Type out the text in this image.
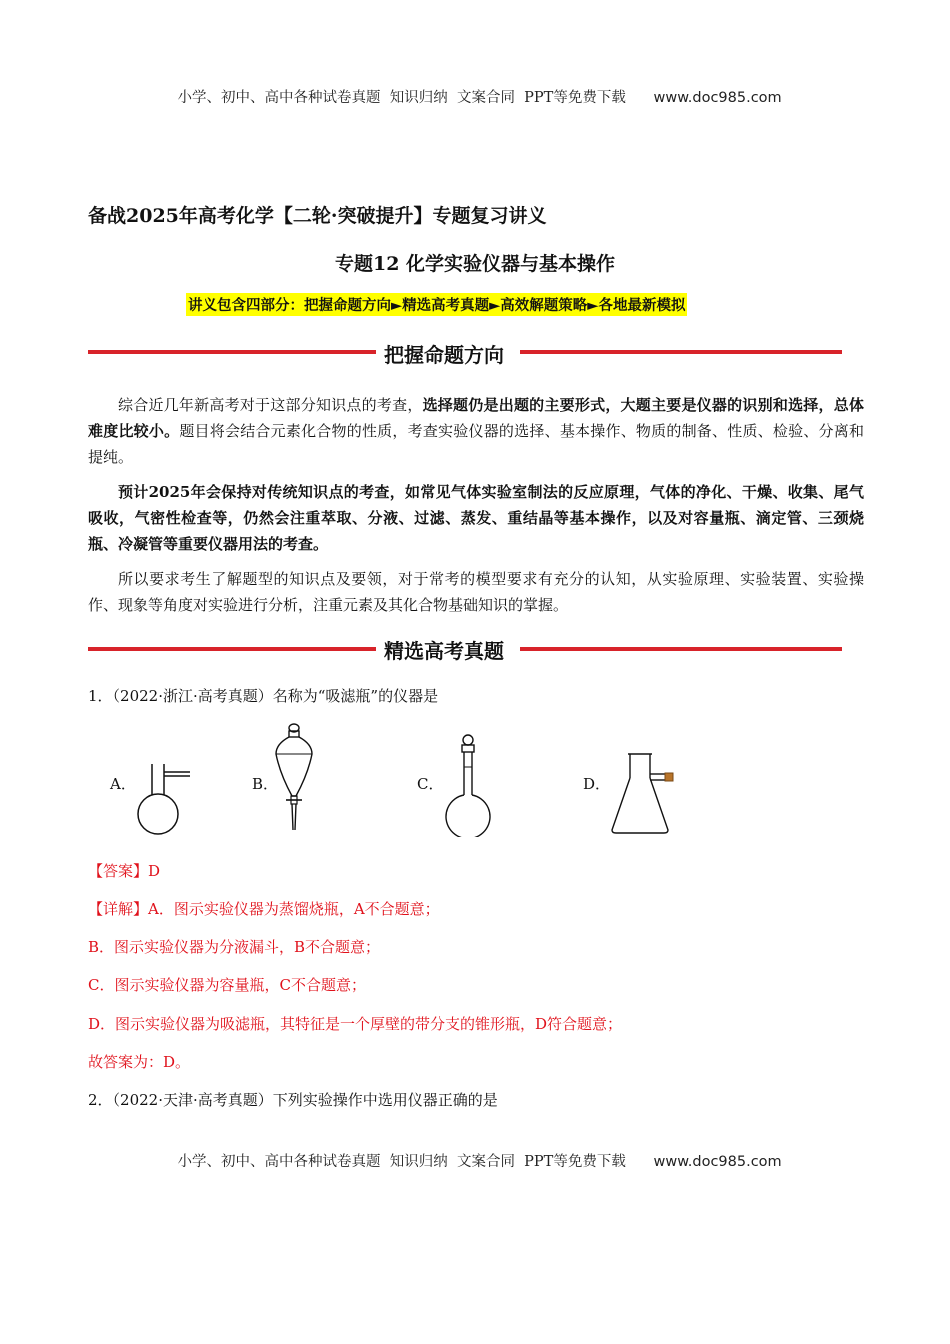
小学、初中、高中各种试卷真题  知识归纳  文案合同  PPT等免费下载 www.doc985.com

备战2025年高考化学【二轮·突破提升】专题复习讲义
专题12 化学实验仪器与基本操作
讲义包含四部分：把握命题方向►精选高考真题►高效解题策略►各地最新模拟
把握命题方向

综合近几年新高考对于这部分知识点的考查，选择题仍是出题的主要形式，大题主要是仪器的识别和选择，总体难度比较小。题目将会结合元素化合物的性质，考查实验仪器的选择、基本操作、物质的制备、性质、检验、分离和提纯。

预计2025年会保持对传统知识点的考查，如常见气体实验室制法的反应原理，气体的净化、干燥、收集、尾气吸收，气密性检查等，仍然会注重萃取、分液、过滤、蒸发、重结晶等基本操作，以及对容量瓶、滴定管、三颈烧瓶、冷凝管等重要仪器用法的考查。

所以要求考生了解题型的知识点及要领，对于常考的模型要求有充分的认知，从实验原理、实验装置、实验操作、现象等角度对实验进行分析，注重元素及其化合物基础知识的掌握。

精选高考真题
1．（2022·浙江·高考真题）名称为“吸滤瓶”的仪器是
A．	B．	C．	D．
【答案】D
【详解】A．图示实验仪器为蒸馏烧瓶，A不合题意；
B．图示实验仪器为分液漏斗，B不合题意；
C．图示实验仪器为容量瓶，C不合题意；
D．图示实验仪器为吸滤瓶，其特征是一个厚壁的带分支的锥形瓶，D符合题意；
故答案为：D。
2．（2022·天津·高考真题）下列实验操作中选用仪器正确的是

小学、初中、高中各种试卷真题  知识归纳  文案合同  PPT等免费下载 www.doc985.com
